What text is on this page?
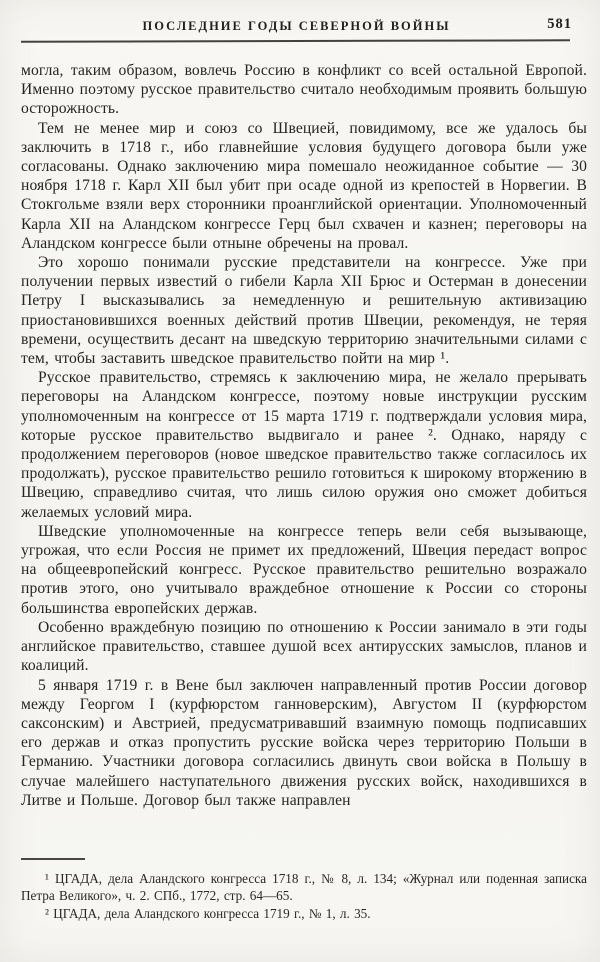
ПОСЛЕДНИЕ ГОДЫ СЕВЕРНОЙ ВОЙНЫ	581

могла, таким образом, вовлечь Россию в конфликт со всей остальной Европой. Именно поэтому русское правительство считало необходимым проявить большую осторожность.

Тем не менее мир и союз со Швецией, повидимому, все же удалось бы заключить в 1718 г., ибо главнейшие условия будущего договора были уже согласованы. Однако заключению мира помешало неожиданное событие — 30 ноября 1718 г. Карл XII был убит при осаде одной из крепостей в Норвегии. В Стокгольме взяли верх сторонники проанглийской ориентации. Уполномоченный Карла XII на Аландском конгрессе Герц был схвачен и казнен; переговоры на Аландском конгрессе были отныне обречены на провал.

Это хорошо понимали русские представители на конгрессе. Уже при получении первых известий о гибели Карла XII Брюс и Остерман в донесении Петру I высказывались за немедленную и решительную активизацию приостановившихся военных действий против Швеции, рекомендуя, не теряя времени, осуществить десант на шведскую территорию значительными силами с тем, чтобы заставить шведское правительство пойти на мир ¹.

Русское правительство, стремясь к заключению мира, не желало прерывать переговоры на Аландском конгрессе, поэтому новые инструкции русским уполномоченным на конгрессе от 15 марта 1719 г. подтверждали условия мира, которые русское правительство выдвигало и ранее ². Однако, наряду с продолжением переговоров (новое шведское правительство также согласилось их продолжать), русское правительство решило готовиться к широкому вторжению в Швецию, справедливо считая, что лишь силою оружия оно сможет добиться желаемых условий мира.

Шведские уполномоченные на конгрессе теперь вели себя вызывающе, угрожая, что если Россия не примет их предложений, Швеция передаст вопрос на общеевропейский конгресс. Русское правительство решительно возражало против этого, оно учитывало враждебное отношение к России со стороны большинства европейских держав.

Особенно враждебную позицию по отношению к России занимало в эти годы английское правительство, ставшее душой всех антирусских замыслов, планов и коалиций.

5 января 1719 г. в Вене был заключен направленный против России договор между Георгом I (курфюрстом ганноверским), Августом II (курфюрстом саксонским) и Австрией, предусматривавший взаимную помощь подписавших его держав и отказ пропустить русские войска через территорию Польши в Германию. Участники договора согласились двинуть свои войска в Польшу в случае малейшего наступательного движения русских войск, находившихся в Литве и Польше. Договор был также направлен

¹ ЦГАДА, дела Аландского конгресса 1718 г., № 8, л. 134; «Журнал или поденная записка Петра Великого», ч. 2. СПб., 1772, стр. 64—65.

² ЦГАДА, дела Аландского конгресса 1719 г., № 1, л. 35.
